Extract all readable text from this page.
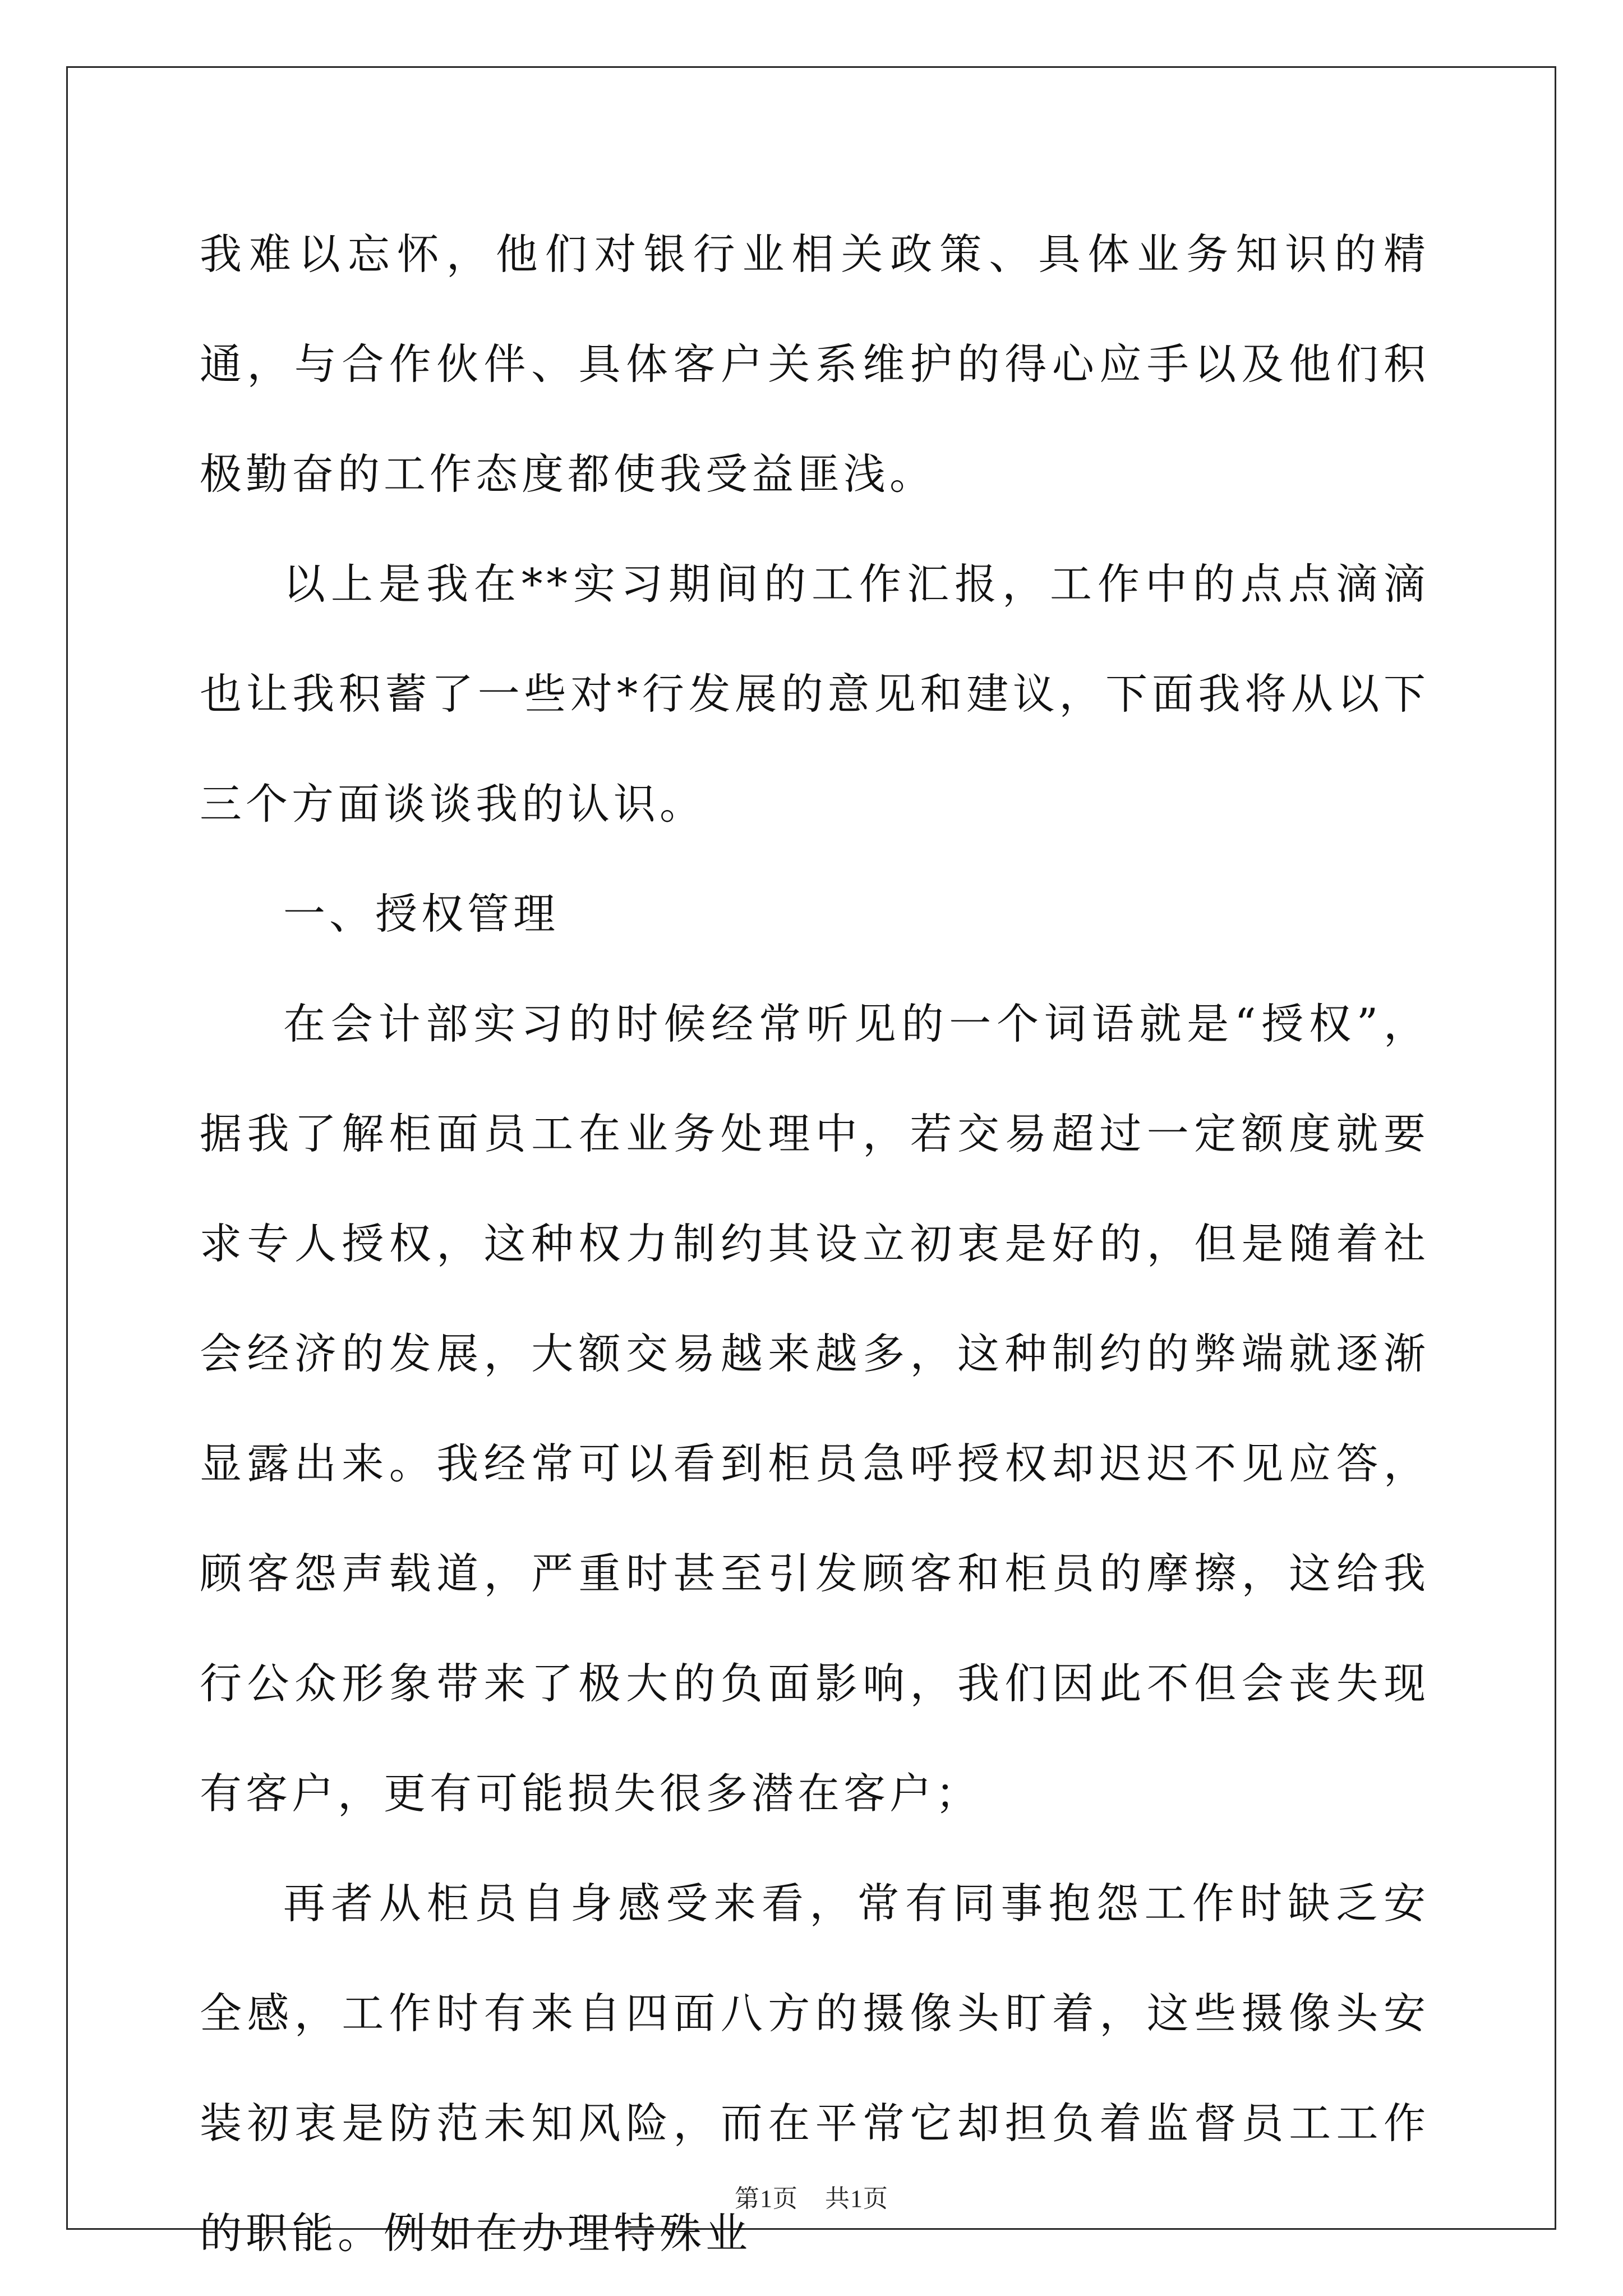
我难以忘怀，他们对银行业相关政策、具体业务知识的精通，与合作伙伴、具体客户关系维护的得心应手以及他们积极勤奋的工作态度都使我受益匪浅。

以上是我在**实习期间的工作汇报，工作中的点点滴滴也让我积蓄了一些对*行发展的意见和建议，下面我将从以下三个方面谈谈我的认识。

一、授权管理

在会计部实习的时候经常听见的一个词语就是“授权”，据我了解柜面员工在业务处理中，若交易超过一定额度就要求专人授权，这种权力制约其设立初衷是好的，但是随着社会经济的发展，大额交易越来越多，这种制约的弊端就逐渐显露出来。我经常可以看到柜员急呼授权却迟迟不见应答，顾客怨声载道，严重时甚至引发顾客和柜员的摩擦，这给我行公众形象带来了极大的负面影响，我们因此不但会丧失现有客户，更有可能损失很多潜在客户；

再者从柜员自身感受来看，常有同事抱怨工作时缺乏安全感，工作时有来自四面八方的摄像头盯着，这些摄像头安装初衷是防范未知风险，而在平常它却担负着监督员工工作的职能。例如在办理特殊业

第1页 共1页
